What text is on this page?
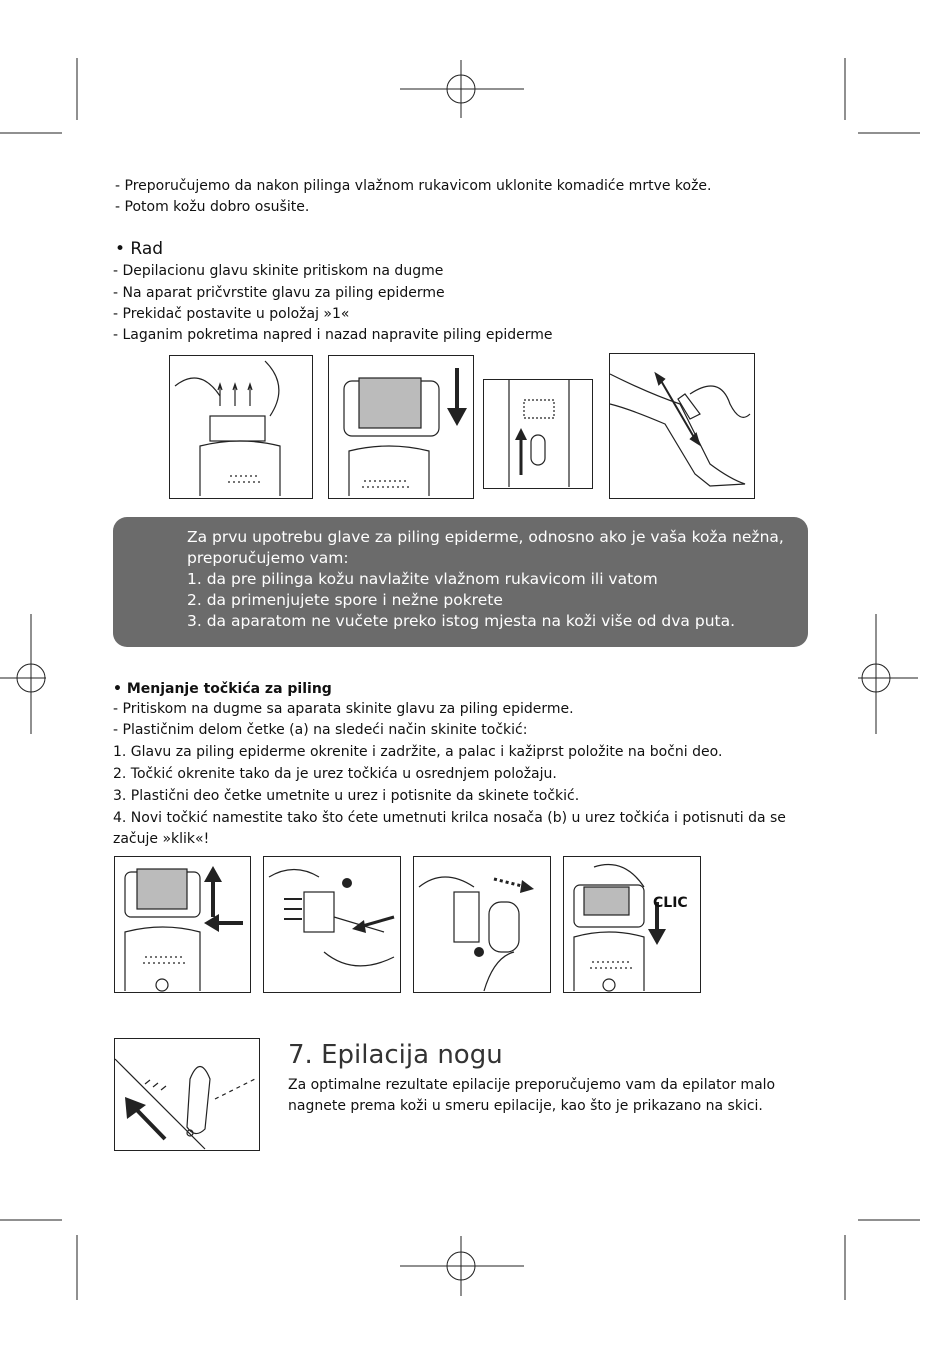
- Preporučujemo da nakon pilinga vlažnom rukavicom uklonite komadiće mrtve kože.
- Potom kožu dobro osušite.
• Rad
- Depilacionu glavu skinite pritiskom na dugme
- Na aparat pričvrstite glavu za piling epiderme
- Prekidač postavite u položaj »1«
- Laganim pokretima napred i nazad napravite piling epiderme
Za prvu upotrebu glave za piling epiderme, odnosno ako je vaša koža nežna,
preporučujemo vam:
1. da pre pilinga kožu navlažite vlažnom rukavicom ili vatom
2. da primenjujete spore i nežne pokrete
3. da aparatom ne vučete preko istog mjesta na koži više od dva puta.
• Menjanje točkića za piling
- Pritiskom na dugme sa aparata skinite glavu za piling epiderme.
- Plastičnim delom četke (a) na sledeći način skinite točkić:
1. Glavu za piling epiderme okrenite i zadržite, a palac i kažiprst položite na bočni deo.
2. Točkić okrenite tako da je urez točkića u osrednjem položaju.
3. Plastični deo četke umetnite u urez i potisnite da skinete točkić.
4. Novi točkić namestite tako što ćete umetnuti krilca nosača (b) u urez točkića i potisnuti da se
začuje »klik«!
CLIC
7. Epilacija nogu
Za optimalne rezultate epilacije preporučujemo vam da epilator malo
nagnete prema koži u smeru epilacije, kao što je prikazano na skici.
